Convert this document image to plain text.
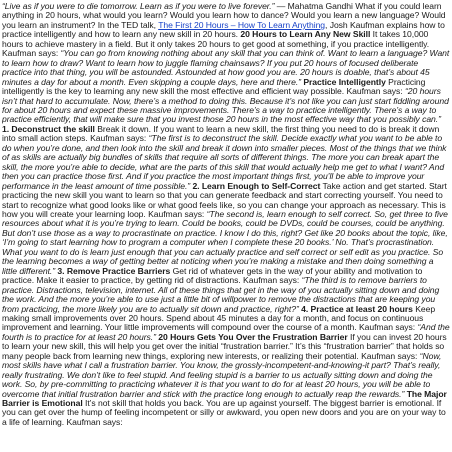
“Live as if you were to die tomorrow. Learn as if you were to live forever.” — Mahatma Gandhi What if you could learn anything in 20 hours, what would you learn? Would you learn how to dance? Would you learn a new language? Would you learn an instrument? In the TED talk, The First 20 Hours – How To Learn Anything, Josh Kaufman explains how to practice intelligently and how to learn any new skill in 20 hours. 20 Hours to Learn Any New Skill It takes 10,000 hours to achieve mastery in a field. But it only takes 20 hours to get good at something, if you practice intelligently. Kaufman says: “You can go from knowing nothing about any skill that you can think of. Want to learn a language? Want to learn how to draw? Want to learn how to juggle flaming chainsaws? If you put 20 hours of focused deliberate practice into that thing, you will be astounded. Astounded at how good you are. 20 hours is doable, that’s about 45 minutes a day for about a month. Even skipping a couple days, here and there.” Practice Intelligently Practicing intelligently is the key to learning any new skill the most effective and efficient way possible. Kaufman says: “20 hours isn’t that hard to accumulate. Now, there’s a method to doing this. Because it’s not like you can just start fiddling around for about 20 hours and expect these massive improvements. There’s a way to practice intelligently. There’s a way to practice efficiently, that will make sure that you invest those 20 hours in the most effective way that you possibly can.” 1. Deconstruct the skill Break it down. If you want to learn a new skill, the first thing you need to do is break it down into small action steps. Kaufman says: “The first is to deconstruct the skill. Decide exactly what you want to be able to do when you’re done, and then look into the skill and break it down into smaller pieces. Most of the things that we think of as skills are actually big bundles of skills that require all sorts of different things. The more you can break apart the skill, the more you’re able to decide, what are the parts of this skill that would actually help me get to what I want? And then you can practice those first. And if you practice the most important things first, you’ll be able to improve your performance in the least amount of time possible.” 2. Learn Enough to Self-Correct Take action and get started. Start practicing the new skill you want to learn so that you can generate feedback and start correcting yourself. You need to start to recognize what good looks like or what good feels like, so you can change your approach as necessary. This is how you will create your learning loop. Kaufman says: “The second is, learn enough to self correct. So, get three to five resources about what it is you’re trying to learn. Could be books, could be DVDs, could be courses, could be anything. But don’t use those as a way to procrastinate on practice. I know I do this, right? Get like 20 books about the topic, like, ‘I’m going to start learning how to program a computer when I complete these 20 books.’ No. That’s procrastination. What you want to do is learn just enough that you can actually practice and self correct or self edit as you practice. So the learning becomes a way of getting better at noticing when you’re making a mistake and then doing something a little different.” 3. Remove Practice Barriers Get rid of whatever gets in the way of your ability and motivation to practice. Make it easier to practice, by getting rid of distractions. Kaufman says: “The third is to remove barriers to practice. Distractions, television, internet. All of these things that get in the way of you actually sitting down and doing the work. And the more you’re able to use just a little bit of willpower to remove the distractions that are keeping you from practicing, the more likely you are to actually sit down and practice, right?” 4. Practice at least 20 hours Keep making small improvements over 20 hours. Spend about 45 minutes a day for a month, and focus on continuous improvement and learning. Your little improvements will compound over the course of a month. Kaufman says: “And the fourth is to practice for at least 20 hours.” 20 Hours Gets You Over the Frustration Barrier If you can invest 20 hours to learn your new skill, this will help you get over the initial “frustration barrier.” It’s this “frustration barrier” that holds so many people back from learning new things, exploring new interests, or realizing their potential. Kaufman says: “Now, most skills have what I call a frustration barrier. You know, the grossly-incompetent-and-knowing-it part? That’s really, really frustrating. We don’t like to feel stupid. And feeling stupid is a barrier to us actually sitting down and doing the work. So, by pre-committing to practicing whatever it is that you want to do for at least 20 hours, you will be able to overcome that initial frustration barrier and stick with the practice long enough to actually reap the rewards.” The Major Barrier is Emotional It’s not skill that holds you back. You are up against yourself. The biggest barrier is emotional. If you can get over the hump of feeling incompetent or silly or awkward, you open new doors and you are on your way to a life of learning. Kaufman says:
